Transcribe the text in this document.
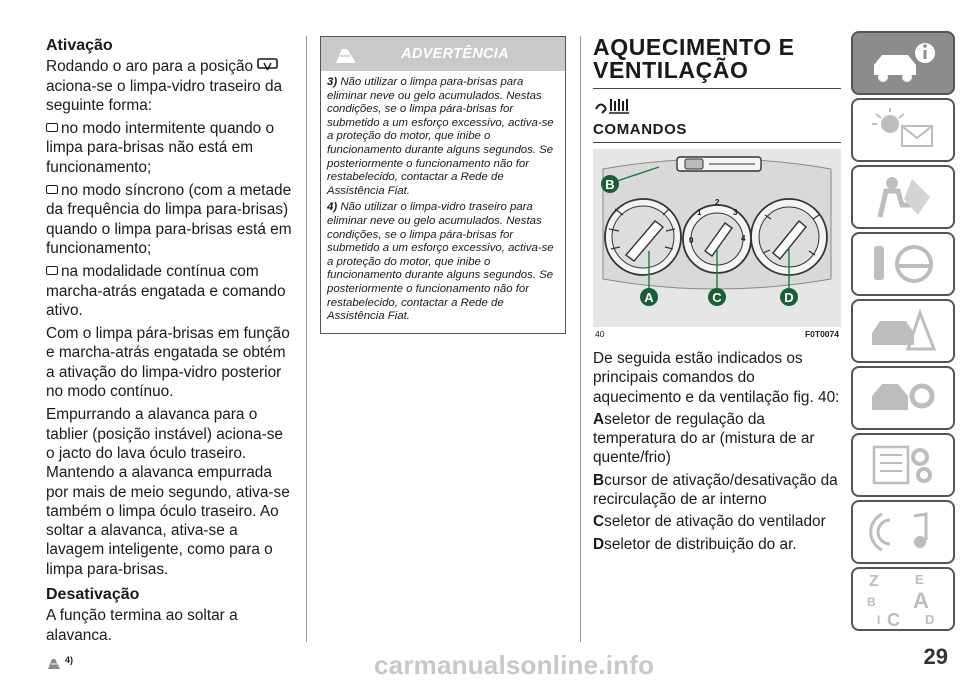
Ativação

Rodando o aro para a posição  aciona-se o limpa-vidro traseiro da seguinte forma:

no modo intermitente quando o limpa para-brisas não está em funcionamento;

no modo síncrono (com a metade da frequência do limpa para-brisas) quando o limpa para-brisas está em funcionamento;

na modalidade contínua com marcha-atrás engatada e comando ativo.

Com o limpa pára-brisas em função e marcha-atrás engatada se obtém a ativação do limpa-vidro posterior no modo contínuo.

Empurrando a alavanca para o tablier (posição instável) aciona-se o jacto do lava óculo traseiro. Mantendo a alavanca empurrada por mais de meio segundo, ativa-se também o limpa óculo traseiro. Ao soltar a alavanca, ativa-se a lavagem inteligente, como para o limpa para-brisas.

Desativação

A função termina ao soltar a alavanca.

4)
ADVERTÊNCIA

3) Não utilizar o limpa para-brisas para eliminar neve ou gelo acumulados. Nestas condições, se o limpa pára-brisas for submetido a um esforço excessivo, activa-se a proteção do motor, que inibe o funcionamento durante alguns segundos. Se posteriormente o funcionamento não for restabelecido, contactar a Rede de Assistência Fiat.

4) Não utilizar o limpa-vidro traseiro para eliminar neve ou gelo acumulados. Nestas condições, se o limpa pára-brisas for submetido a um esforço excessivo, activa-se a proteção do motor, que inibe o funcionamento durante alguns segundos. Se posteriormente o funcionamento não for restabelecido, contactar a Rede de Assistência Fiat.

AQUECIMENTO E
VENTILAÇÃO
COMANDOS
0
1
2
3
4
B
A	C	D
40	F0T0074

De seguida estão indicados os principais comandos do aquecimento e da ventilação fig. 40:

Aseletor de regulação da temperatura do ar (mistura de ar quente/frio)

Bcursor de ativação/desativação da recirculação de ar interno

Cseletor de ativação do ventilador

Dseletor de distribuição do ar.

Z	E
B A
C D
I
29
carmanualsonline.info
